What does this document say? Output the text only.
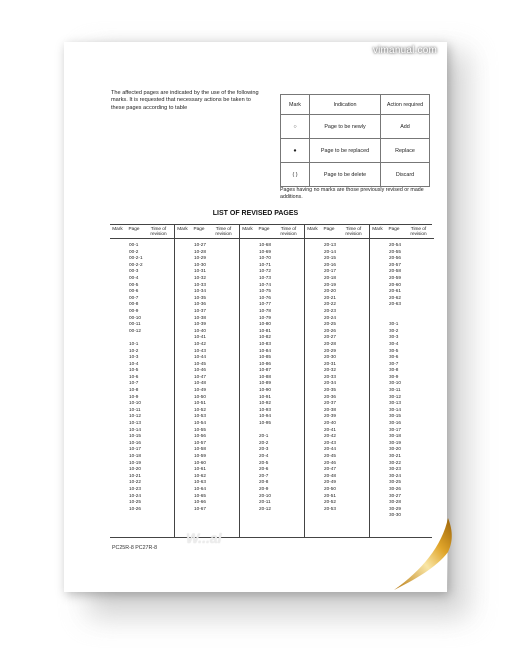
vimanual.com
The affected pages are indicated by the use of the following marks. It is requested that necessary actions be taken to these pages according to table
Mark	Indication	Action required
○	Page to be newly	Add
●	Page to be replaced	Replace
( )	Page to be delete	Discard
Pages having no marks are those previously revised or made additions.
LIST OF REVISED PAGES
Mark	Page	Time of revision
00-1
00-2
00-2-1
00-2-2
00-3
00-4
00-5
00-6
00-7
00-8
00-9
00-10
00-11
00-12
10-1
10-2
10-3
10-4
10-5
10-6
10-7
10-8
10-9
10-10
10-11
10-12
10-13
10-14
10-15
10-16
10-17
10-18
10-19
10-20
10-21
10-22
10-23
10-24
10-25
10-26
Mark	Page	Time of revision
10-27
10-28
10-29
10-30
10-31
10-32
10-33
10-34
10-35
10-36
10-37
10-38
10-39
10-40
10-41
10-42
10-43
10-44
10-45
10-46
10-47
10-48
10-49
10-50
10-51
10-52
10-53
10-54
10-55
10-56
10-57
10-58
10-59
10-60
10-61
10-62
10-63
10-64
10-65
10-66
10-67
Mark	Page	Time of revision
10-68
10-69
10-70
10-71
10-72
10-73
10-74
10-75
10-76
10-77
10-78
10-79
10-80
10-81
10-82
10-83
10-84
10-85
10-86
10-87
10-88
10-89
10-90
10-91
10-92
10-93
10-94
10-95
20-1
20-2
20-3
20-4
20-5
20-6
20-7
20-8
20-9
20-10
20-11
20-12
Mark	Page	Time of revision
20-13
20-14
20-15
20-16
20-17
20-18
20-19
20-20
20-21
20-22
20-23
20-24
20-25
20-26
20-27
20-28
20-29
20-30
20-31
20-32
20-33
20-34
20-35
20-36
20-37
20-38
20-39
20-40
20-41
20-42
20-43
20-44
20-45
20-46
20-47
20-48
20-49
20-50
20-51
20-52
20-53
Mark	Page	Time of revision
20-54
20-55
20-56
20-57
20-58
20-59
20-60
20-61
20-62
20-63
30-1
30-2
30-3
30-4
30-5
30-6
30-7
30-8
30-9
30-10
30-11
30-12
30-13
30-14
30-15
30-16
30-17
30-18
30-19
30-20
30-21
30-22
30-23
30-24
30-25
30-26
30-27
30-28
30-29
30-30
W...al
PC25R-8 PC27R-8
